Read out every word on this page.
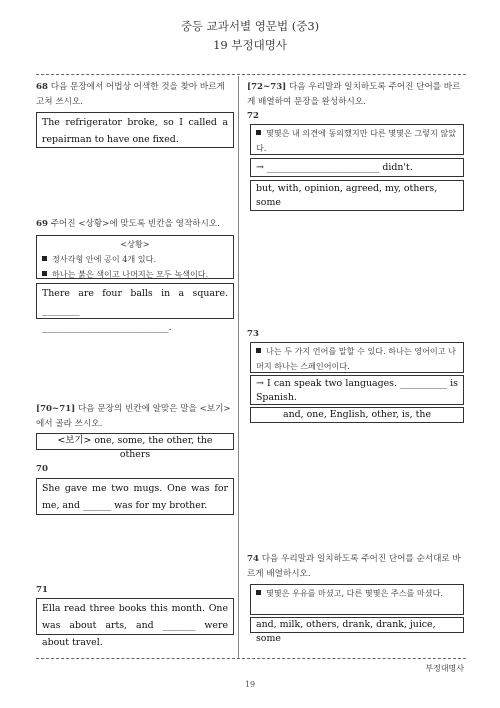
중등 교과서별 영문법 (중3)
19 부정대명사
68 다음 문장에서 어법상 어색한 것을 찾아 바르게 고쳐 쓰시오.
The refrigerator broke, so I called a repairman to have one fixed.
69 주어진 <상황>에 맞도록 빈칸을 영작하시오.
<상황>
정사각형 안에 공이 4개 있다.
하나는 붉은 색이고 나머지는 모두 녹색이다.
There are four balls in a square. ________
___________________________.
[70~71] 다음 문장의 빈칸에 알맞은 말을 <보기>에서 골라 쓰시오.
<보기> one, some, the other, the others
70
She gave me two mugs. One was for me, and ______ was for my brother.
71
Ella read three books this month. One was about arts, and _______ were about travel.
[72~73] 다음 우리말과 일치하도록 주어진 단어를 바르게 배열하여 문장을 완성하시오.
72
몇몇은 내 의견에 동의했지만 다른 몇몇은 그렇지 않았다.
→ ________________________ didn't.
but, with, opinion, agreed, my, others, some
73
나는 두 가지 언어를 말할 수 있다. 하나는 영어이고 나머지 하나는 스페인어이다.
→ I can speak two languages. __________ is Spanish.
and, one, English, other, is, the
74 다음 우리말과 일치하도록 주어진 단어를 순서대로 바르게 배열하시오.
몇몇은 우유를 마셨고, 다른 몇몇은 주스를 마셨다.
and, milk, others, drank, drank, juice, some
부정대명사
19
